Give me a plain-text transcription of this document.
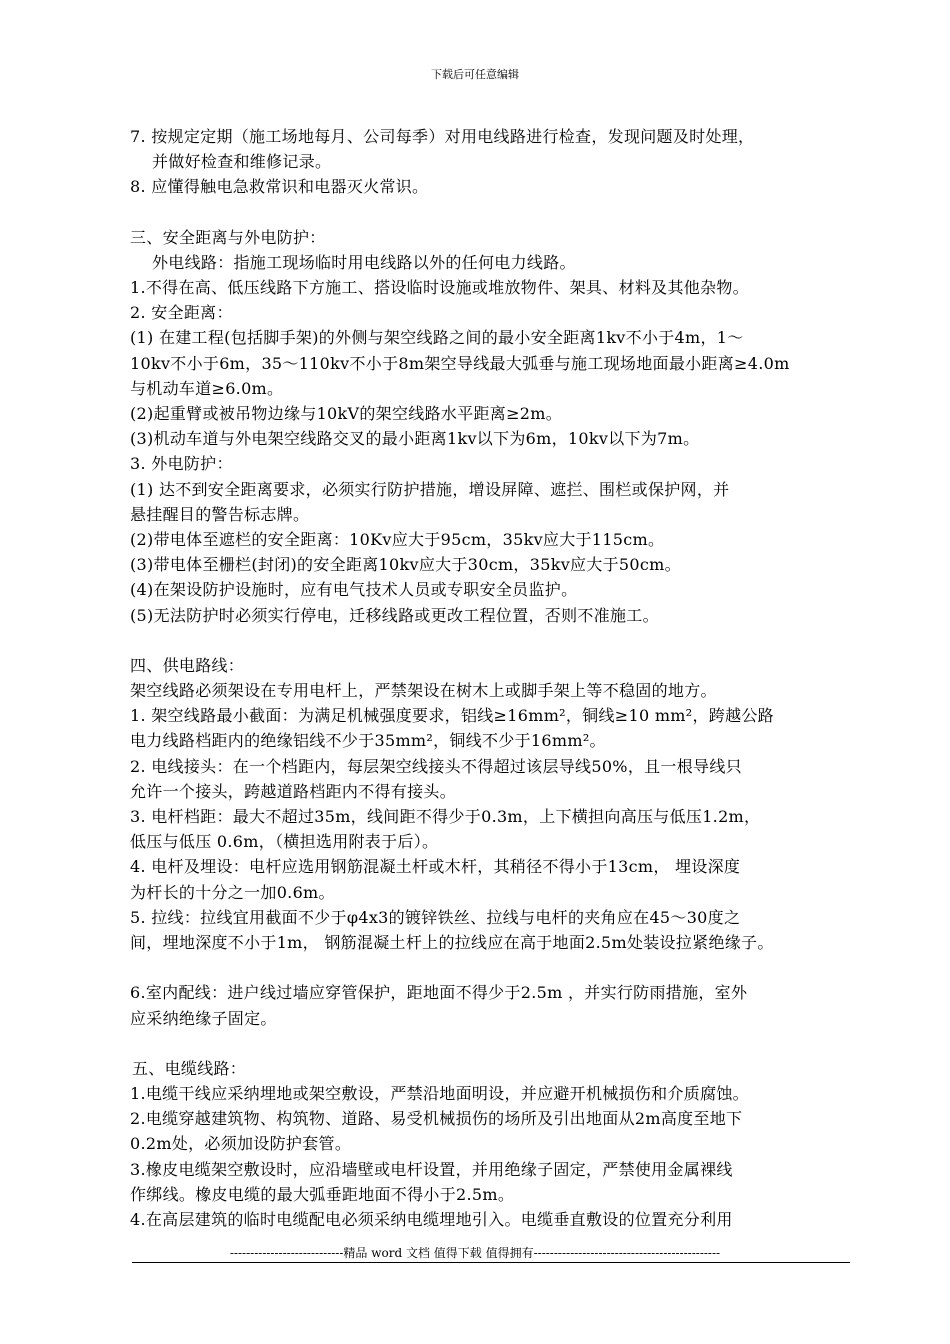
下载后可任意编辑
7. 按规定定期（施工场地每月、公司每季）对用电线路进行检查，发现问题及时处理，
并做好检查和维修记录。
8. 应懂得触电急救常识和电器灭火常识。
三、安全距离与外电防护：
外电线路：指施工现场临时用电线路以外的任何电力线路。
1.不得在高、低压线路下方施工、搭设临时设施或堆放物件、架具、材料及其他杂物。
2. 安全距离：
(1) 在建工程(包括脚手架)的外侧与架空线路之间的最小安全距离1kv不小于4m，1～
10kv不小于6m，35～110kv不小于8m架空导线最大弧垂与施工现场地面最小距离≥4.0m
与机动车道≥6.0m。
(2)起重臂或被吊物边缘与10kV的架空线路水平距离≥2m。
(3)机动车道与外电架空线路交叉的最小距离1kv以下为6m，10kv以下为7m。
3. 外电防护：
(1) 达不到安全距离要求，必须实行防护措施，增设屏障、遮拦、围栏或保护网，并
悬挂醒目的警告标志牌。
(2)带电体至遮栏的安全距离：10Kv应大于95cm，35kv应大于115cm。
(3)带电体至栅栏(封闭)的安全距离10kv应大于30cm，35kv应大于50cm。
(4)在架设防护设施时，应有电气技术人员或专职安全员监护。
(5)无法防护时必须实行停电，迁移线路或更改工程位置，否则不准施工。
四、供电路线：
架空线路必须架设在专用电杆上，严禁架设在树木上或脚手架上等不稳固的地方。
1. 架空线路最小截面：为满足机械强度要求，铝线≥16mm²，铜线≥10 mm²，跨越公路
电力线路档距内的绝缘铝线不少于35mm²，铜线不少于16mm²。
2. 电线接头：在一个档距内，每层架空线接头不得超过该层导线50%，且一根导线只
允许一个接头，跨越道路档距内不得有接头。
3. 电杆档距：最大不超过35m，线间距不得少于0.3m，上下横担向高压与低压1.2m，
低压与低压 0.6m，（横担选用附表于后）。
4. 电杆及埋设：电杆应选用钢筋混凝土杆或木杆，其稍径不得小于13cm， 埋设深度
为杆长的十分之一加0.6m。
5. 拉线：拉线宜用截面不少于φ4x3的镀锌铁丝、拉线与电杆的夹角应在45～30度之
间，埋地深度不小于1m， 钢筋混凝土杆上的拉线应在高于地面2.5m处装设拉紧绝缘子。
6.室内配线：进户线过墙应穿管保护，距地面不得少于2.5m ，并实行防雨措施，室外
应采纳绝缘子固定。
五、电缆线路：
1.电缆干线应采纳埋地或架空敷设，严禁沿地面明设，并应避开机械损伤和介质腐蚀。
2.电缆穿越建筑物、构筑物、道路、易受机械损伤的场所及引出地面从2m高度至地下
0.2m处，必须加设防护套管。
3.橡皮电缆架空敷设时，应沿墙壁或电杆设置，并用绝缘子固定，严禁使用金属裸线
作绑线。橡皮电缆的最大弧垂距地面不得小于2.5m。
4.在高层建筑的临时电缆配电必须采纳电缆埋地引入。电缆垂直敷设的位置充分利用
----------------------------精品 word 文档 值得下载 值得拥有----------------------------------------------
